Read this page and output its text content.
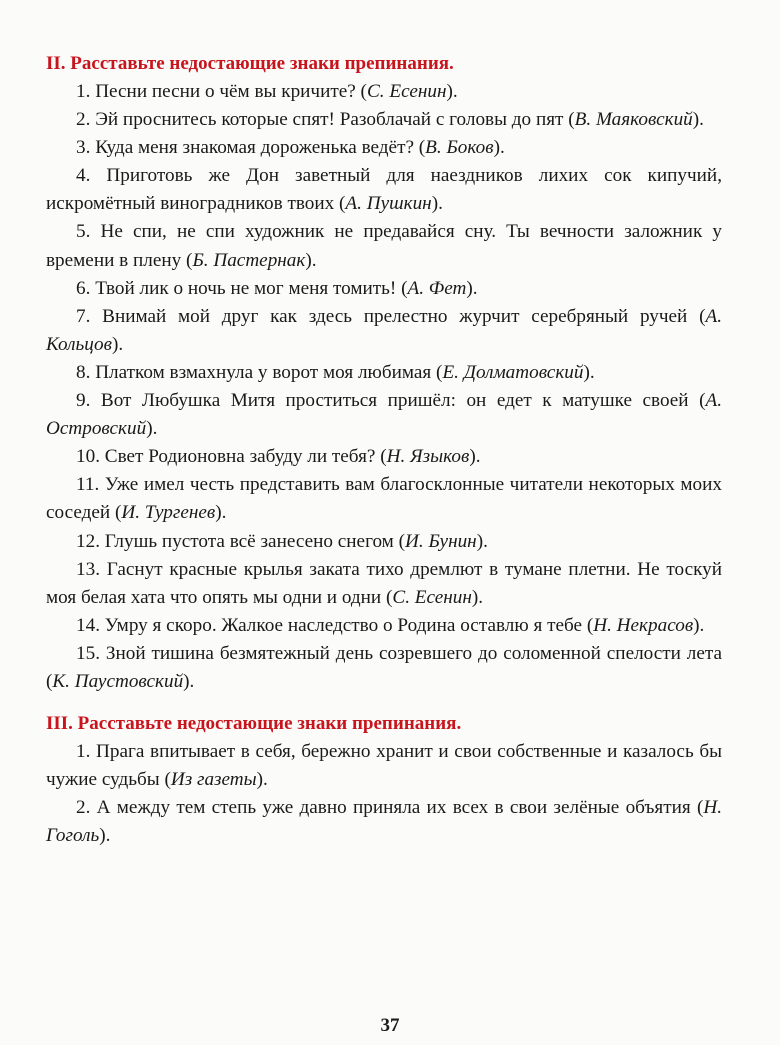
II. Расставьте недостающие знаки препинания.

1. Песни песни о чём вы кричите? (С. Есенин).
2. Эй проснитесь которые спят! Разоблачай с головы до пят (В. Маяковский).
3. Куда меня знакомая дороженька ведёт? (В. Боков).
4. Приготовь же Дон заветный для наездников лихих сок кипучий, искромётный виноградников твоих (А. Пушкин).
5. Не спи, не спи художник не предавайся сну. Ты вечности заложник у времени в плену (Б. Пастернак).
6. Твой лик о ночь не мог меня томить! (А. Фет).
7. Внимай мой друг как здесь прелестно журчит серебряный ручей (А. Кольцов).
8. Платком взмахнула у ворот моя любимая (Е. Долматовский).
9. Вот Любушка Митя проститься пришёл: он едет к матушке своей (А. Островский).
10. Свет Родионовна забуду ли тебя? (Н. Языков).
11. Уже имел честь представить вам благосклонные читатели некоторых моих соседей (И. Тургенев).
12. Глушь пустота всё занесено снегом (И. Бунин).
13. Гаснут красные крылья заката тихо дремлют в тумане плетни. Не тоскуй моя белая хата что опять мы одни и одни (С. Есенин).
14. Умру я скоро. Жалкое наследство о Родина оставлю я тебе (Н. Некрасов).
15. Зной тишина безмятежный день созревшего до соломенной спелости лета (К. Паустовский).

III. Расставьте недостающие знаки препинания.

1. Прага впитывает в себя, бережно хранит и свои собственные и казалось бы чужие судьбы (Из газеты).
2. А между тем степь уже давно приняла их всех в свои зелёные объятия (Н. Гоголь).
37
